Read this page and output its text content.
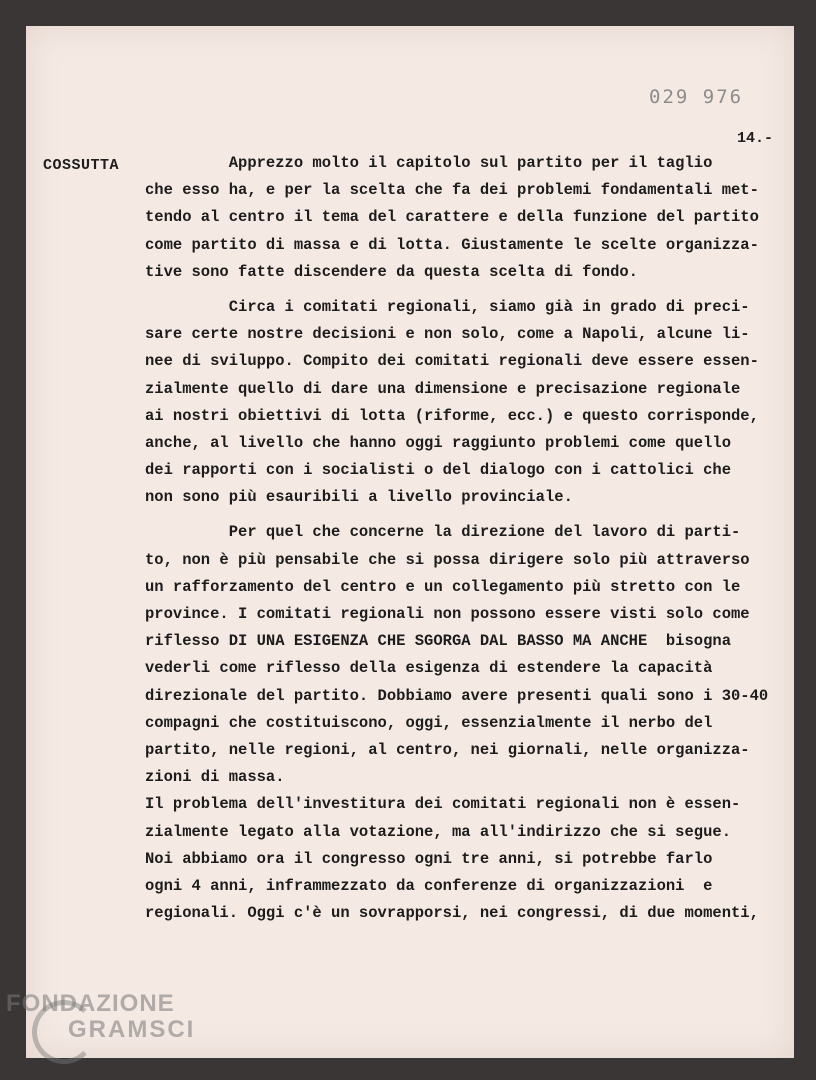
029 976
14.-
COSSUTTA Apprezzo molto il capitolo sul partito per il taglio
che esso ha, e per la scelta che fa dei problemi fondamentali met-
tendo al centro il tema del carattere e della funzione del partito
come partito di massa e di lotta. Giustamente le scelte organizza-
tive sono fatte discendere da questa scelta di fondo.
Circa i comitati regionali, siamo già in grado di preci-
sare certe nostre decisioni e non solo, come a Napoli, alcune li-
nee di sviluppo. Compito dei comitati regionali deve essere essen-
zialmente quello di dare una dimensione e precisazione regionale
ai nostri obiettivi di lotta (riforme, ecc.) e questo corrisponde,
anche, al livello che hanno oggi raggiunto problemi come quello
dei rapporti con i socialisti o del dialogo con i cattolici che
non sono più esauribili a livello provinciale.
Per quel che concerne la direzione del lavoro di parti-
to, non è più pensabile che si possa dirigere solo più attraverso
un rafforzamento del centro e un collegamento più stretto con le
province. I comitati regionali non possono essere visti solo come
riflesso DI UNA ESIGENZA CHE SGORGA DAL BASSO MA ANCHE  bisogna
vederli come riflesso della esigenza di estendere la capacità
direzionale del partito. Dobbiamo avere presenti quali sono i 30-40
compagni che costituiscono, oggi, essenzialmente il nerbo del
partito, nelle regioni, al centro, nei giornali, nelle organizza-
zioni di massa.
Il problema dell'investitura dei comitati regionali non è essen-
zialmente legato alla votazione, ma all'indirizzo che si segue.
Noi abbiamo ora il congresso ogni tre anni, si potrebbe farlo
ogni 4 anni, inframmezzato da conferenze di organizzazioni  e
regionali. Oggi c'è un sovrapporsi, nei congressi, di due momenti,
FONDAZIONE
GRAMSCI
